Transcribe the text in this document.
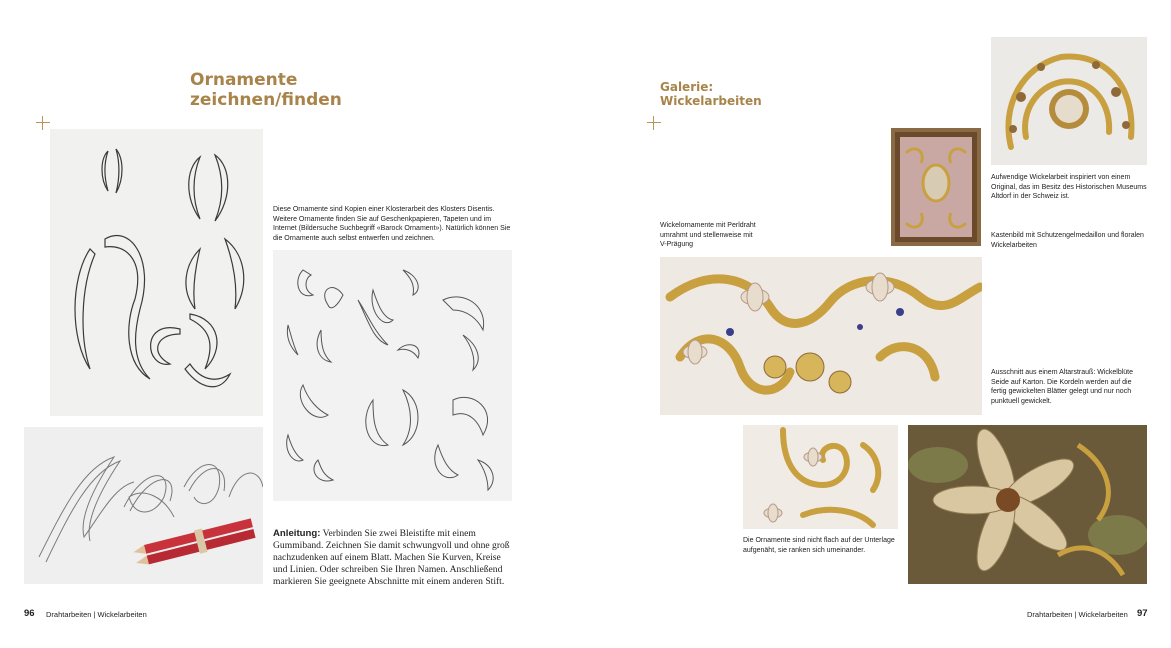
Ornamente
zeichnen/finden
Diese Ornamente sind Kopien einer Klosterarbeit des Klosters Disentis. Weitere Ornamente finden Sie auf Geschenkpapieren, Tapeten und im Internet (Bildersuche Suchbegriff «Barock Ornament»). Natürlich können Sie die Ornamente auch selbst entwerfen und zeichnen.
Anleitung: Verbinden Sie zwei Bleistifte mit einem Gummiband. Zeichnen Sie damit schwungvoll und ohne groß nachzudenken auf einem Blatt. Machen Sie Kurven, Kreise und Linien. Oder schreiben Sie Ihren Namen. Anschließend markieren Sie geeignete Abschnitte mit einem anderen Stift.
96 Drahtarbeiten | Wickelarbeiten
Galerie:
Wickelarbeiten
Aufwendige Wickelarbeit inspiriert von einem Original, das im Besitz des Historischen Museums Altdorf in der Schweiz ist.
Kastenbild mit Schutzengelmedaillon und floralen Wickelarbeiten
Wickelornamente mit Perldraht umrahmt und stellenweise mit V-Prägung
Ausschnitt aus einem Altarstrauß: Wickelblüte Seide auf Karton. Die Kordeln werden auf die fertig gewickelten Blätter gelegt und nur noch punktuell gewickelt.
Die Ornamente sind nicht flach auf der Unterlage aufgenäht, sie ranken sich umeinander.
Drahtarbeiten | Wickelarbeiten 97
